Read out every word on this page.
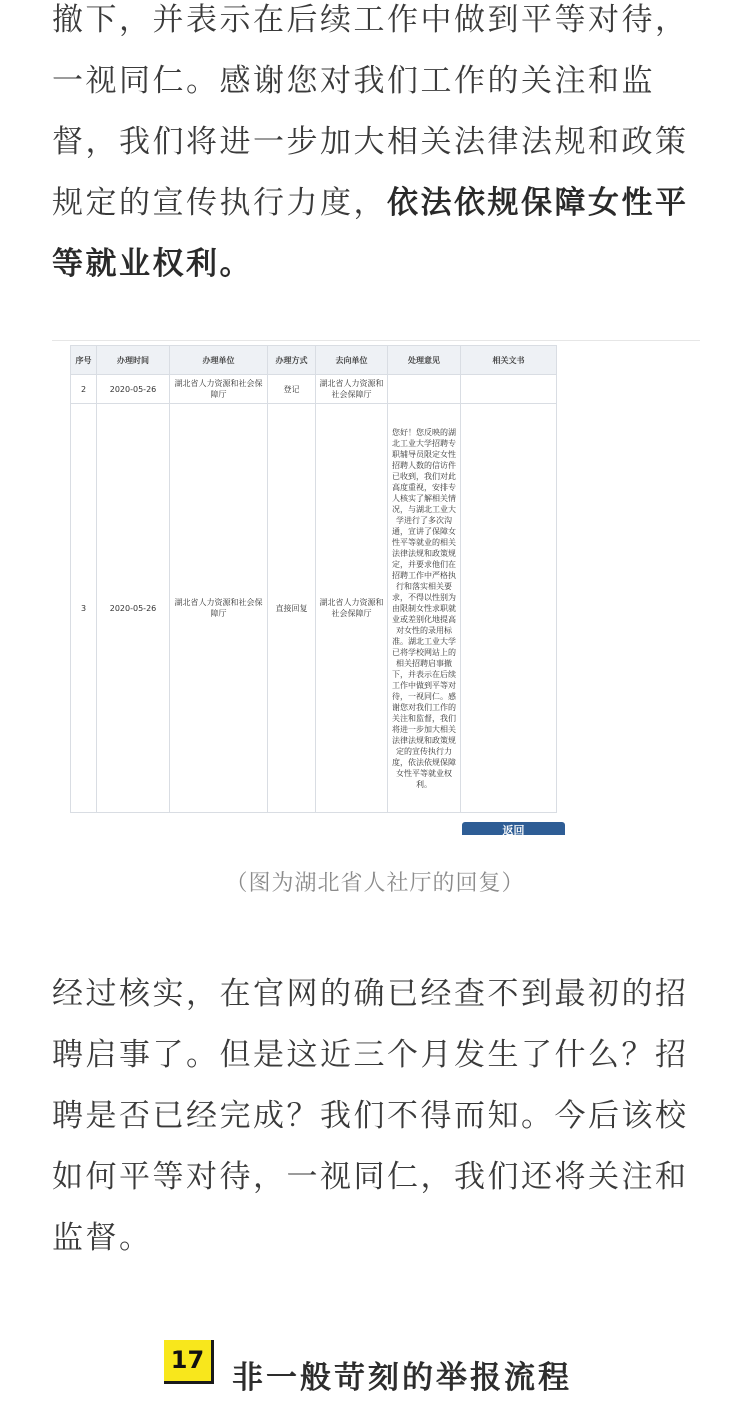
撤下，并表示在后续工作中做到平等对待，一视同仁。感谢您对我们工作的关注和监督，我们将进一步加大相关法律法规和政策规定的宣传执行力度，依法依规保障女性平等就业权利。

序号	办理时间	办理单位	办理方式	去向单位	处理意见	相关文书
2	2020-05-26	湖北省人力资源和社会保障厅	登记	湖北省人力资源和社会保障厅		
3	2020-05-26	湖北省人力资源和社会保障厅	直接回复	湖北省人力资源和社会保障厅	您好！您反映的湖北工业大学招聘专职辅导员限定女性招聘人数的信访件已收到，我们对此高度重视，安排专人核实了解相关情况，与湖北工业大学进行了多次沟通，宣讲了保障女性平等就业的相关法律法规和政策规定，并要求他们在招聘工作中严格执行和落实相关要求，不得以性别为由限制女性求职就业或差别化地提高对女性的录用标准。湖北工业大学已将学校网站上的相关招聘启事撤下，并表示在后续工作中做到平等对待，一视同仁。感谢您对我们工作的关注和监督，我们将进一步加大相关法律法规和政策规定的宣传执行力度，依法依规保障女性平等就业权利。	
返回
（图为湖北省人社厅的回复）

经过核实，在官网的确已经查不到最初的招聘启事了。但是这近三个月发生了什么？招聘是否已经完成？我们不得而知。今后该校如何平等对待，一视同仁，我们还将关注和监督。

17 非一般苛刻的举报流程
